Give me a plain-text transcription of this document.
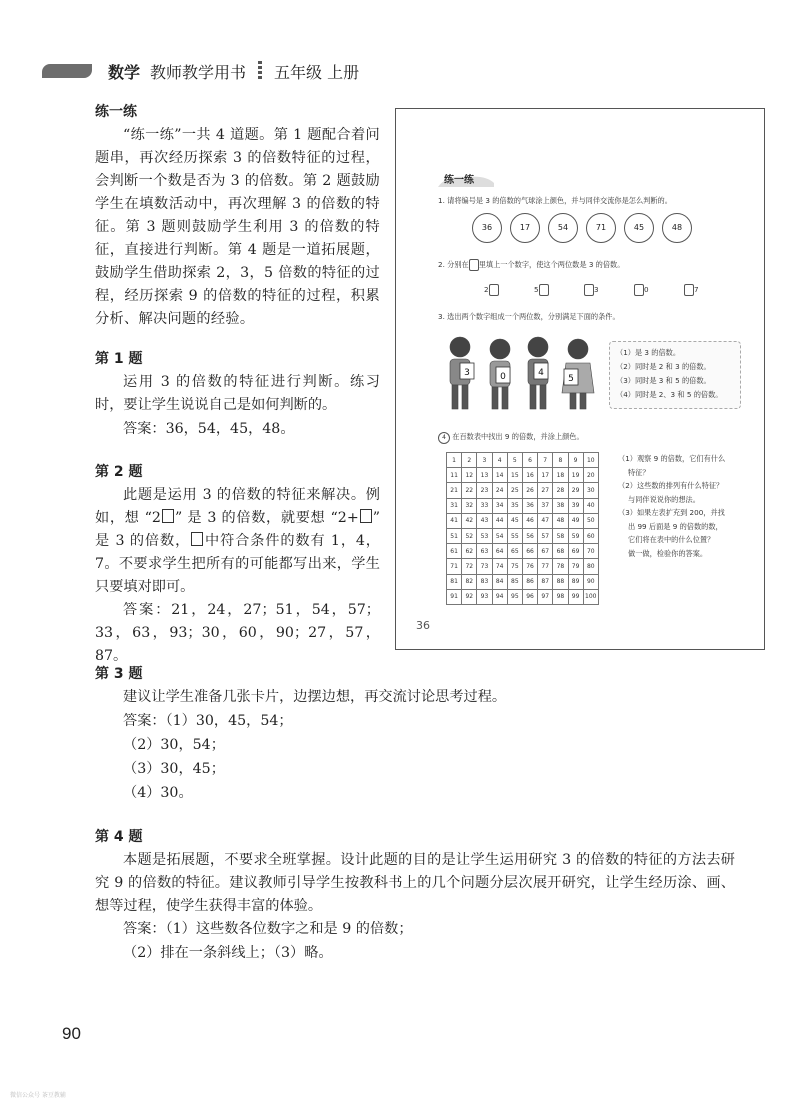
数学 教师教学用书 五年级 上册
练一练
“练一练”一共 4 道题。第 1 题配合着问题串，再次经历探索 3 的倍数特征的过程，会判断一个数是否为 3 的倍数。第 2 题鼓励学生在填数活动中，再次理解 3 的倍数的特征。第 3 题则鼓励学生利用 3 的倍数的特征，直接进行判断。第 4 题是一道拓展题，鼓励学生借助探索 2，3，5 倍数的特征的过程，经历探索 9 的倍数的特征的过程，积累分析、解决问题的经验。
第 1 题
运用 3 的倍数的特征进行判断。练习时，要让学生说说自己是如何判断的。
答案：36，54，45，48。
第 2 题
此题是运用 3 的倍数的特征来解决。例如，想 “2 ” 是 3 的倍数，就要想 “2+ ” 是 3 的倍数， 中符合条件的数有 1，4，7。不要求学生把所有的可能都写出来，学生只要填对即可。
答案：21，24，27；51，54，57；33，63，93；30，60，90；27，57，87。
第 3 题
建议让学生准备几张卡片，边摆边想，再交流讨论思考过程。
答案：（1）30，45，54；
（2）30，54；
（3）30，45；
（4）30。
第 4 题
本题是拓展题，不要求全班掌握。设计此题的目的是让学生运用研究 3 的倍数的特征的方法去研究 9 的倍数的特征。建议教师引导学生按教科书上的几个问题分层次展开研究，让学生经历涂、画、想等过程，使学生获得丰富的体验。
答案：（1）这些数各位数字之和是 9 的倍数；
（2）排在一条斜线上；（3）略。
90
练一练
1. 请将编号是 3 的倍数的气球涂上颜色，并与同伴交流你是怎么判断的。
36	17	54	71	45	48
2. 分别在 里填上一个数字，使这个两位数是 3 的倍数。
2	5	3	0	7
3. 选出两个数字组成一个两位数，分别满足下面的条件。
3	0	4
5
（1）是 3 的倍数。
（2）同时是 2 和 3 的倍数。
（3）同时是 3 和 5 的倍数。
（4）同时是 2、3 和 5 的倍数。
4 在百数表中找出 9 的倍数，并涂上颜色。
1	2	3	4	5	6	7	8	9	10
11	12	13	14	15	16	17	18	19	20
21	22	23	24	25	26	27	28	29	30
31	32	33	34	35	36	37	38	39	40
41	42	43	44	45	46	47	48	49	50
51	52	53	54	55	56	57	58	59	60
61	62	63	64	65	66	67	68	69	70
71	72	73	74	75	76	77	78	79	80
81	82	83	84	85	86	87	88	89	90
91	92	93	94	95	96	97	98	99	100
（1）观察 9 的倍数，它们有什么
特征？
（2）这些数的排列有什么特征？
与同伴说说你的想法。
（3）如果左表扩充到 200，并找
出 99 后面是 9 的倍数的数，
它们将在表中的什么位置？
做一做，检验你的答案。
36
微信公众号 茶豆教辅
